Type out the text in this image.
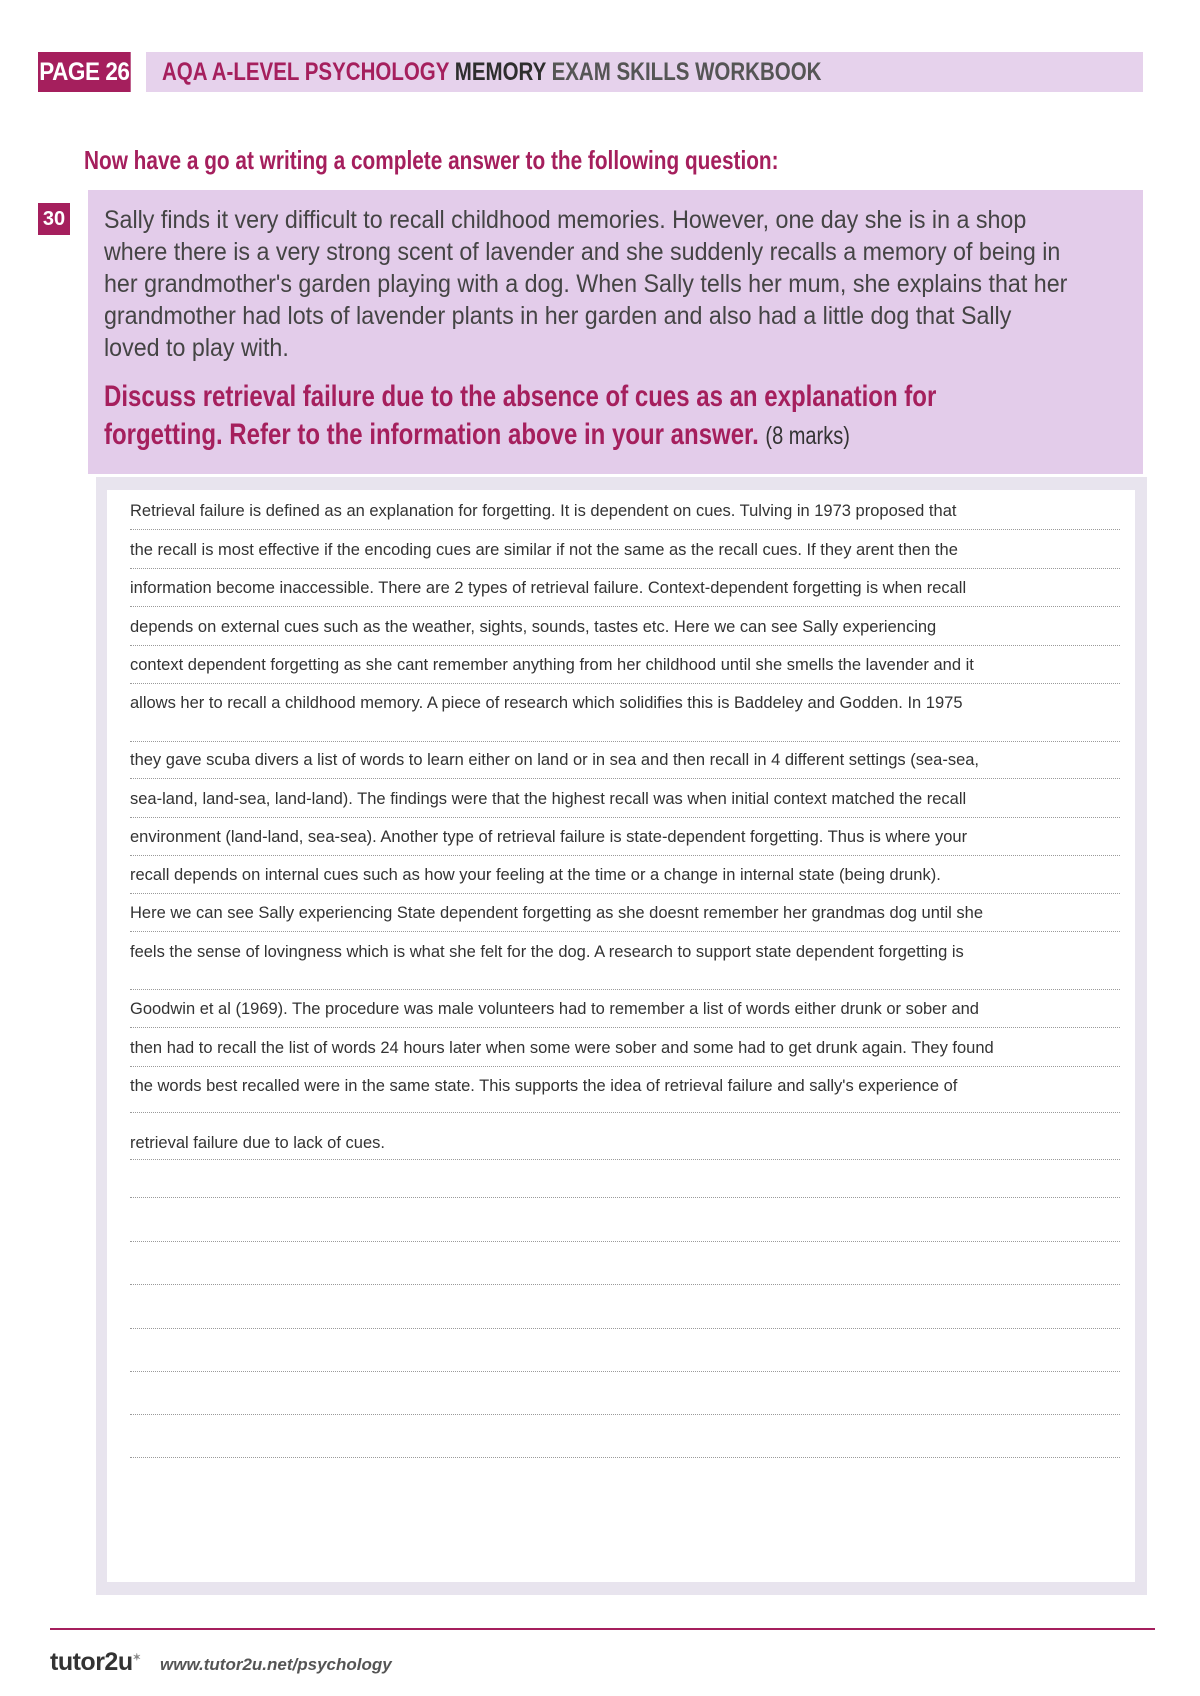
PAGE 26	AQA A-LEVEL PSYCHOLOGY MEMORY EXAM SKILLS WORKBOOK
Now have a go at writing a complete answer to the following question:
30 Sally finds it very difficult to recall childhood memories. However, one day she is in a shop where there is a very strong scent of lavender and she suddenly recalls a memory of being in her grandmother's garden playing with a dog. When Sally tells her mum, she explains that her grandmother had lots of lavender plants in her garden and also had a little dog that Sally loved to play with.
Discuss retrieval failure due to the absence of cues as an explanation for forgetting. Refer to the information above in your answer. (8 marks)
Retrieval failure is defined as an explanation for forgetting. It is dependent on cues. Tulving in 1973 proposed that
the recall is most effective if the encoding cues are similar if not the same as the recall cues. If they arent then the
information become inaccessible. There are 2 types of retrieval failure. Context-dependent forgetting is when recall
depends on external cues such as the weather, sights, sounds, tastes etc. Here we can see Sally experiencing
context dependent forgetting as she cant remember anything from her childhood until she smells the lavender and it
allows her to recall a childhood memory. A piece of research which solidifies this is Baddeley and Godden. In 1975
they gave scuba divers a list of words to learn either on land or in sea and then recall in 4 different settings (sea-sea,
sea-land, land-sea, land-land). The findings were that the highest recall was when initial context matched the recall
environment (land-land, sea-sea). Another type of retrieval failure is state-dependent forgetting. Thus is where your
recall depends on internal cues such as how your feeling at the time or a change in internal state (being drunk).
Here we can see Sally experiencing State dependent forgetting as she doesnt remember her grandmas dog until she
feels the sense of lovingness which is what she felt for the dog. A research to support state dependent forgetting is
Goodwin et al (1969). The procedure was male volunteers had to remember a list of words either drunk or sober and
then had to recall the list of words 24 hours later when some were sober and some had to get drunk again. They found
the words best recalled were in the same state. This supports the idea of retrieval failure and sally's experience of
retrieval failure due to lack of cues.
tutor2u✶ www.tutor2u.net/psychology
